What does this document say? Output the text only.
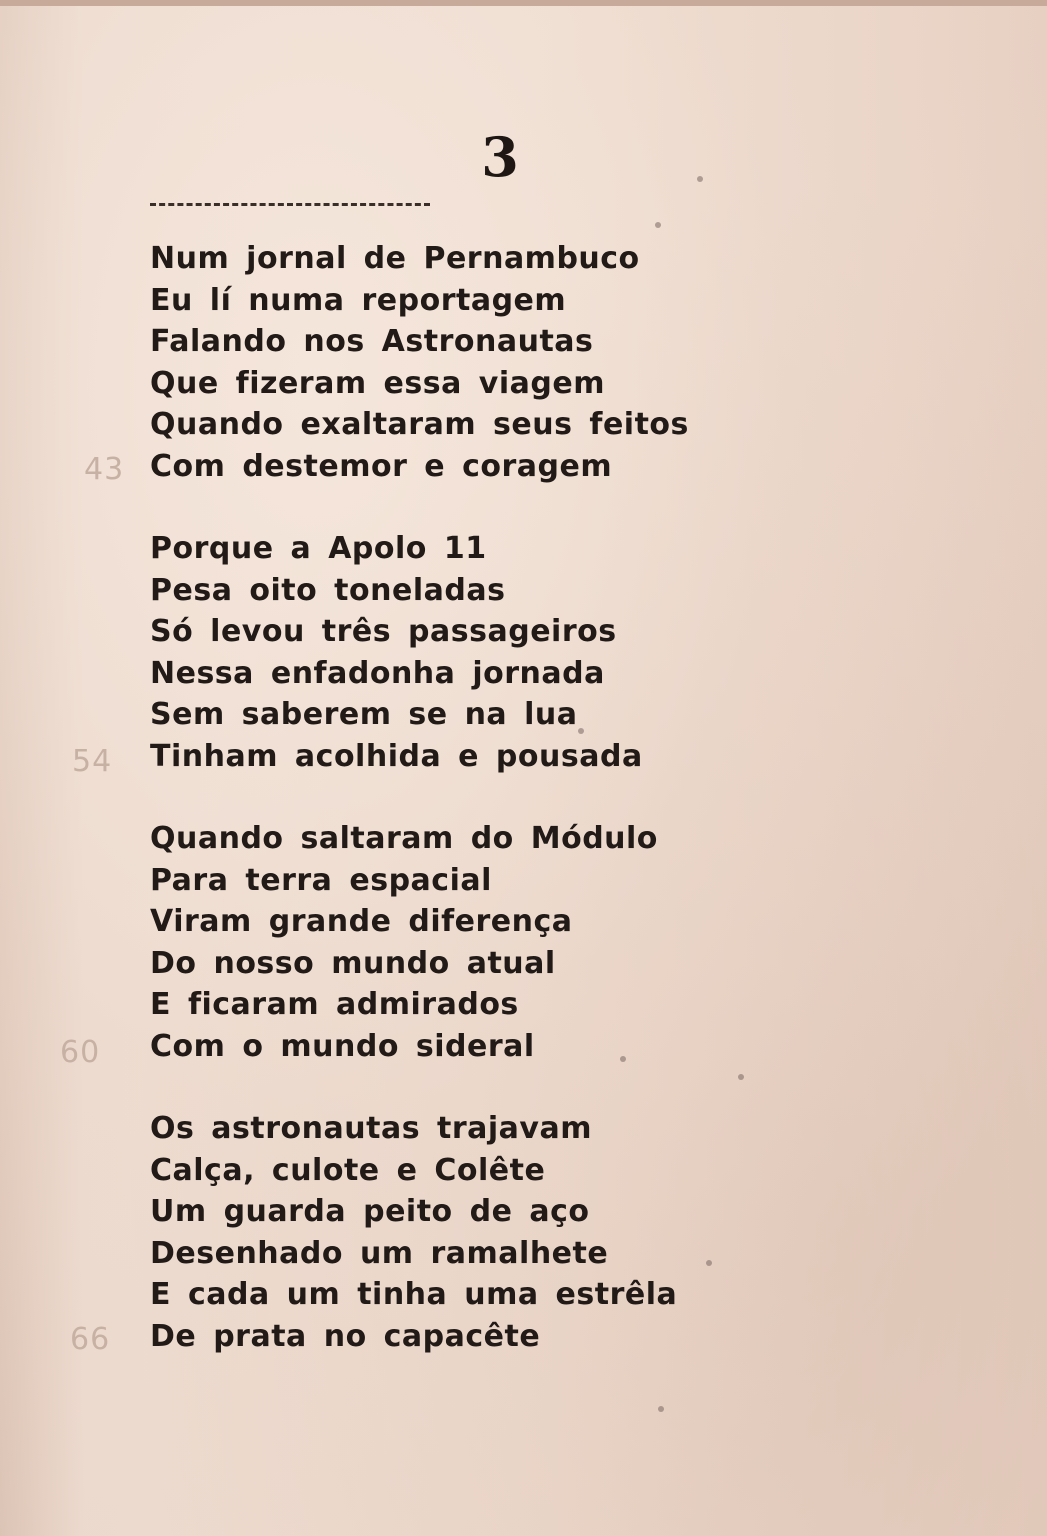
3
43
54
60
66
Num jornal de Pernambuco
Eu lí numa reportagem
Falando nos Astronautas
Que fizeram essa viagem
Quando exaltaram seus feitos
Com destemor e coragem
Porque a Apolo 11
Pesa oito toneladas
Só levou três passageiros
Nessa enfadonha jornada
Sem saberem se na lua
Tinham acolhida e pousada
Quando saltaram do Módulo
Para terra espacial
Viram grande diferença
Do nosso mundo atual
E ficaram admirados
Com o mundo sideral
Os astronautas trajavam
Calça, culote e Colête
Um guarda peito de aço
Desenhado um ramalhete
E cada um tinha uma estrêla
De prata no capacête
